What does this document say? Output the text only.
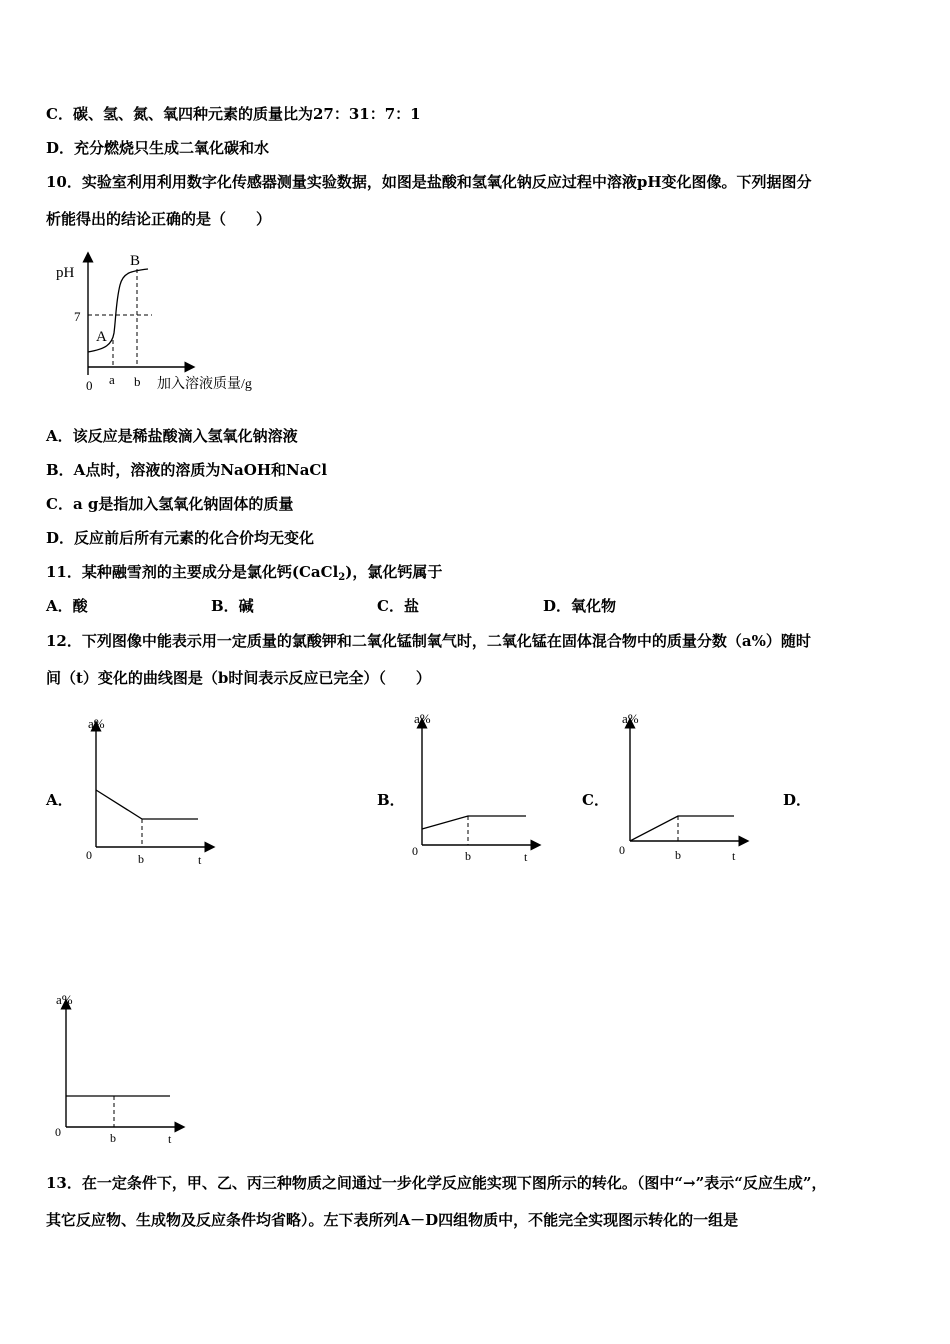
C．碳、氢、氮、氧四种元素的质量比为27：31：7：1
D．充分燃烧只生成二氧化碳和水
10．实验室利用利用数字化传感器测量实验数据，如图是盐酸和氢氧化钠反应过程中溶液pH变化图像。下列据图分
析能得出的结论正确的是（　　）
pH
7
A
B
0 a b 加入溶液质量/g
A．该反应是稀盐酸滴入氢氧化钠溶液
B．A点时，溶液的溶质为NaOH和NaCl
C．a g是指加入氢氧化钠固体的质量
D．反应前后所有元素的化合价均无变化
11．某种融雪剂的主要成分是氯化钙(CaCl$_2$)，氯化钙属于
A．酸	B．碱	C．盐	D．氧化物
12．下列图像中能表示用一定质量的氯酸钾和二氧化锰制氧气时，二氧化锰在固体混合物中的质量分数（a%）随时
间（t）变化的曲线图是（b时间表示反应已完全）（　　）
A．	B．	C．	D．
a%
0	b	t
a%
0	b	t
a%
0	b	t
a%
0	b	t
13．在一定条件下，甲、乙、丙三种物质之间通过一步化学反应能实现下图所示的转化。（图中“→”表示“反应生成”，
其它反应物、生成物及反应条件均省略）。左下表所列A－D四组物质中，不能完全实现图示转化的一组是
